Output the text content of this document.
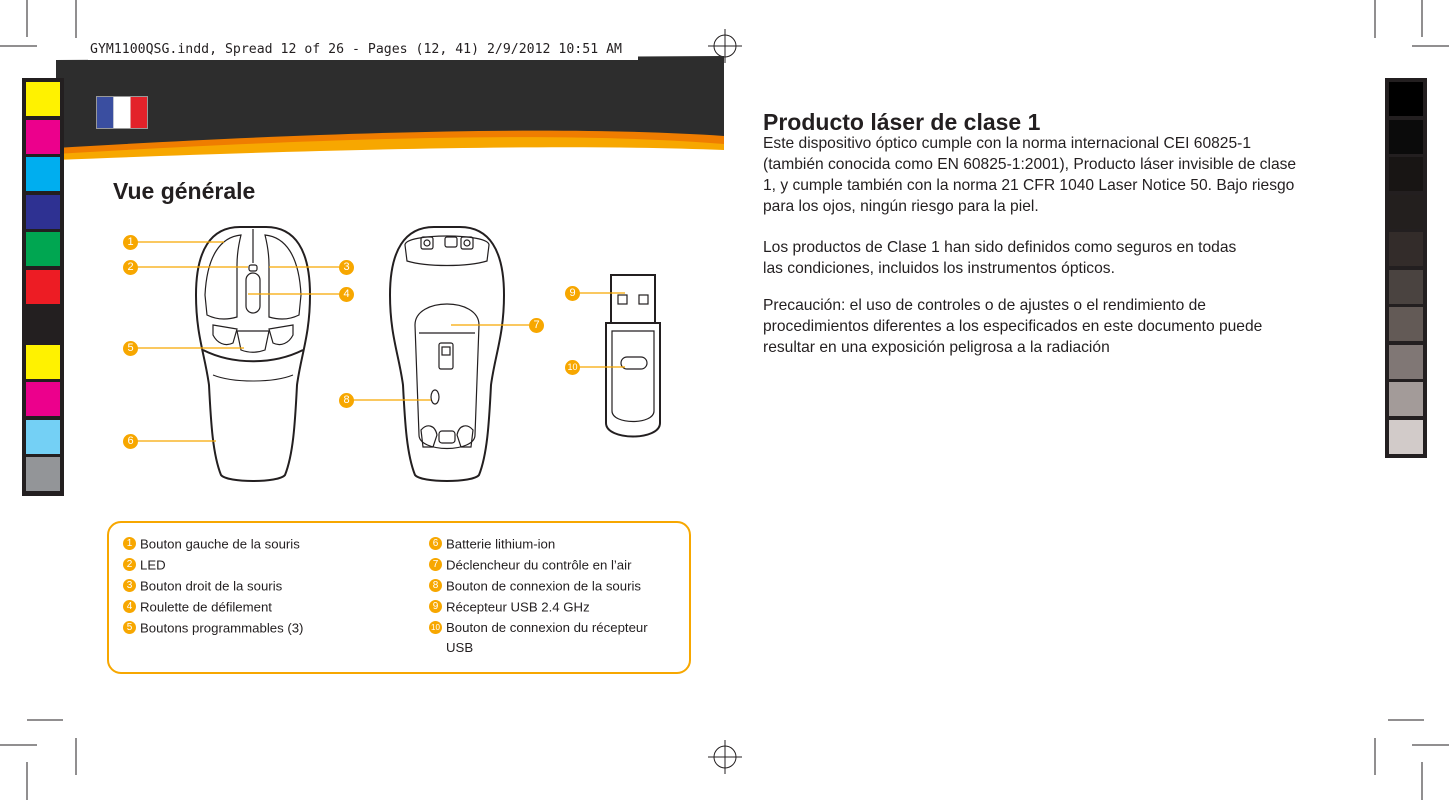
GYM1100QSG.indd, Spread 12 of 26 - Pages (12, 41) 2/9/2012 10:51 AM
Vue générale
1
2	3
4
5
6
7
8
9
10
1 Bouton gauche de la souris
2 LED
3 Bouton droit de la souris
4 Roulette de défilement
5 Boutons programmables (3)
6 Batterie lithium-ion
7 Déclencheur du contrôle en l’air
8 Bouton de connexion de la souris
9 Récepteur USB 2.4 GHz
10 Bouton de connexion du récepteur USB
Producto láser de clase 1

Este dispositivo óptico cumple con la norma internacional CEI 60825-1 (también conocida como EN 60825-1:2001), Producto láser invisible de clase 1, y cumple también con la norma 21 CFR 1040 Laser Notice 50. Bajo riesgo para los ojos, ningún riesgo para la piel.

Los productos de Clase 1 han sido definidos como seguros en todas las condiciones, incluidos los instrumentos ópticos.

Precaución: el uso de controles o de ajustes o el rendimiento de procedimientos diferentes a los especificados en este documento puede resultar en una exposición peligrosa a la radiación
